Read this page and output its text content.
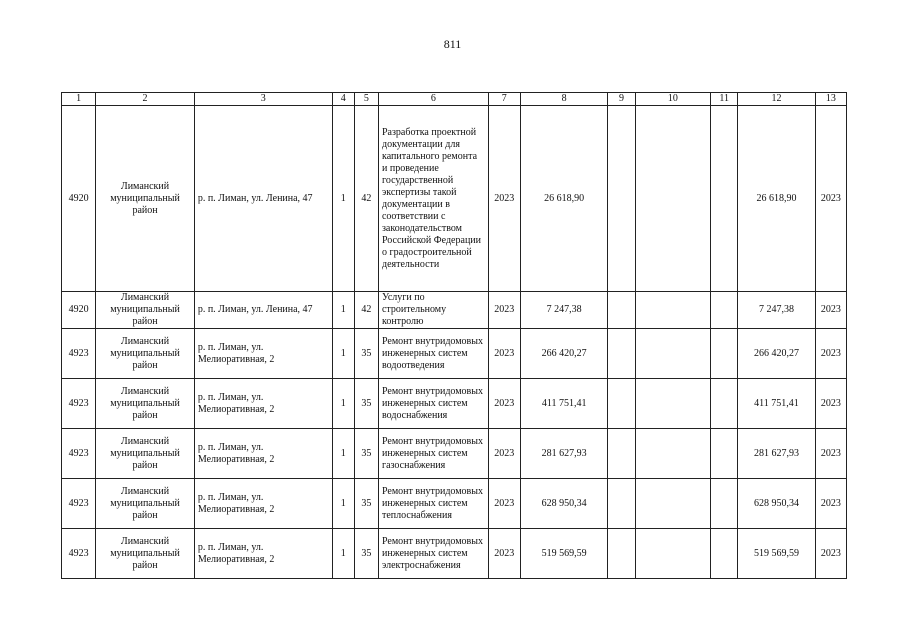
811
1	2	3	4	5	6	7	8	9	10	11	12	13
4920	Лиманский муниципальный район	р. п. Лиман, ул. Ленина, 47	1	42	Разработка проектной документации для капитального ремонта и проведение государственной экспертизы такой документации в соответствии с законодательством Российской Федерации о градостроительной деятельности	2023	26 618,90				26 618,90	2023
4920	Лиманский муниципальный район	р. п. Лиман, ул. Ленина, 47	1	42	Услуги по строительному контролю	2023	7 247,38				7 247,38	2023
4923	Лиманский муниципальный район	р. п. Лиман, ул. Мелиоративная, 2	1	35	Ремонт внутридомовых инженерных систем водоотведения	2023	266 420,27				266 420,27	2023
4923	Лиманский муниципальный район	р. п. Лиман, ул. Мелиоративная, 2	1	35	Ремонт внутридомовых инженерных систем водоснабжения	2023	411 751,41				411 751,41	2023
4923	Лиманский муниципальный район	р. п. Лиман, ул. Мелиоративная, 2	1	35	Ремонт внутридомовых инженерных систем газоснабжения	2023	281 627,93				281 627,93	2023
4923	Лиманский муниципальный район	р. п. Лиман, ул. Мелиоративная, 2	1	35	Ремонт внутридомовых инженерных систем теплоснабжения	2023	628 950,34				628 950,34	2023
4923	Лиманский муниципальный район	р. п. Лиман, ул. Мелиоративная, 2	1	35	Ремонт внутридомовых инженерных систем электроснабжения	2023	519 569,59				519 569,59	2023
